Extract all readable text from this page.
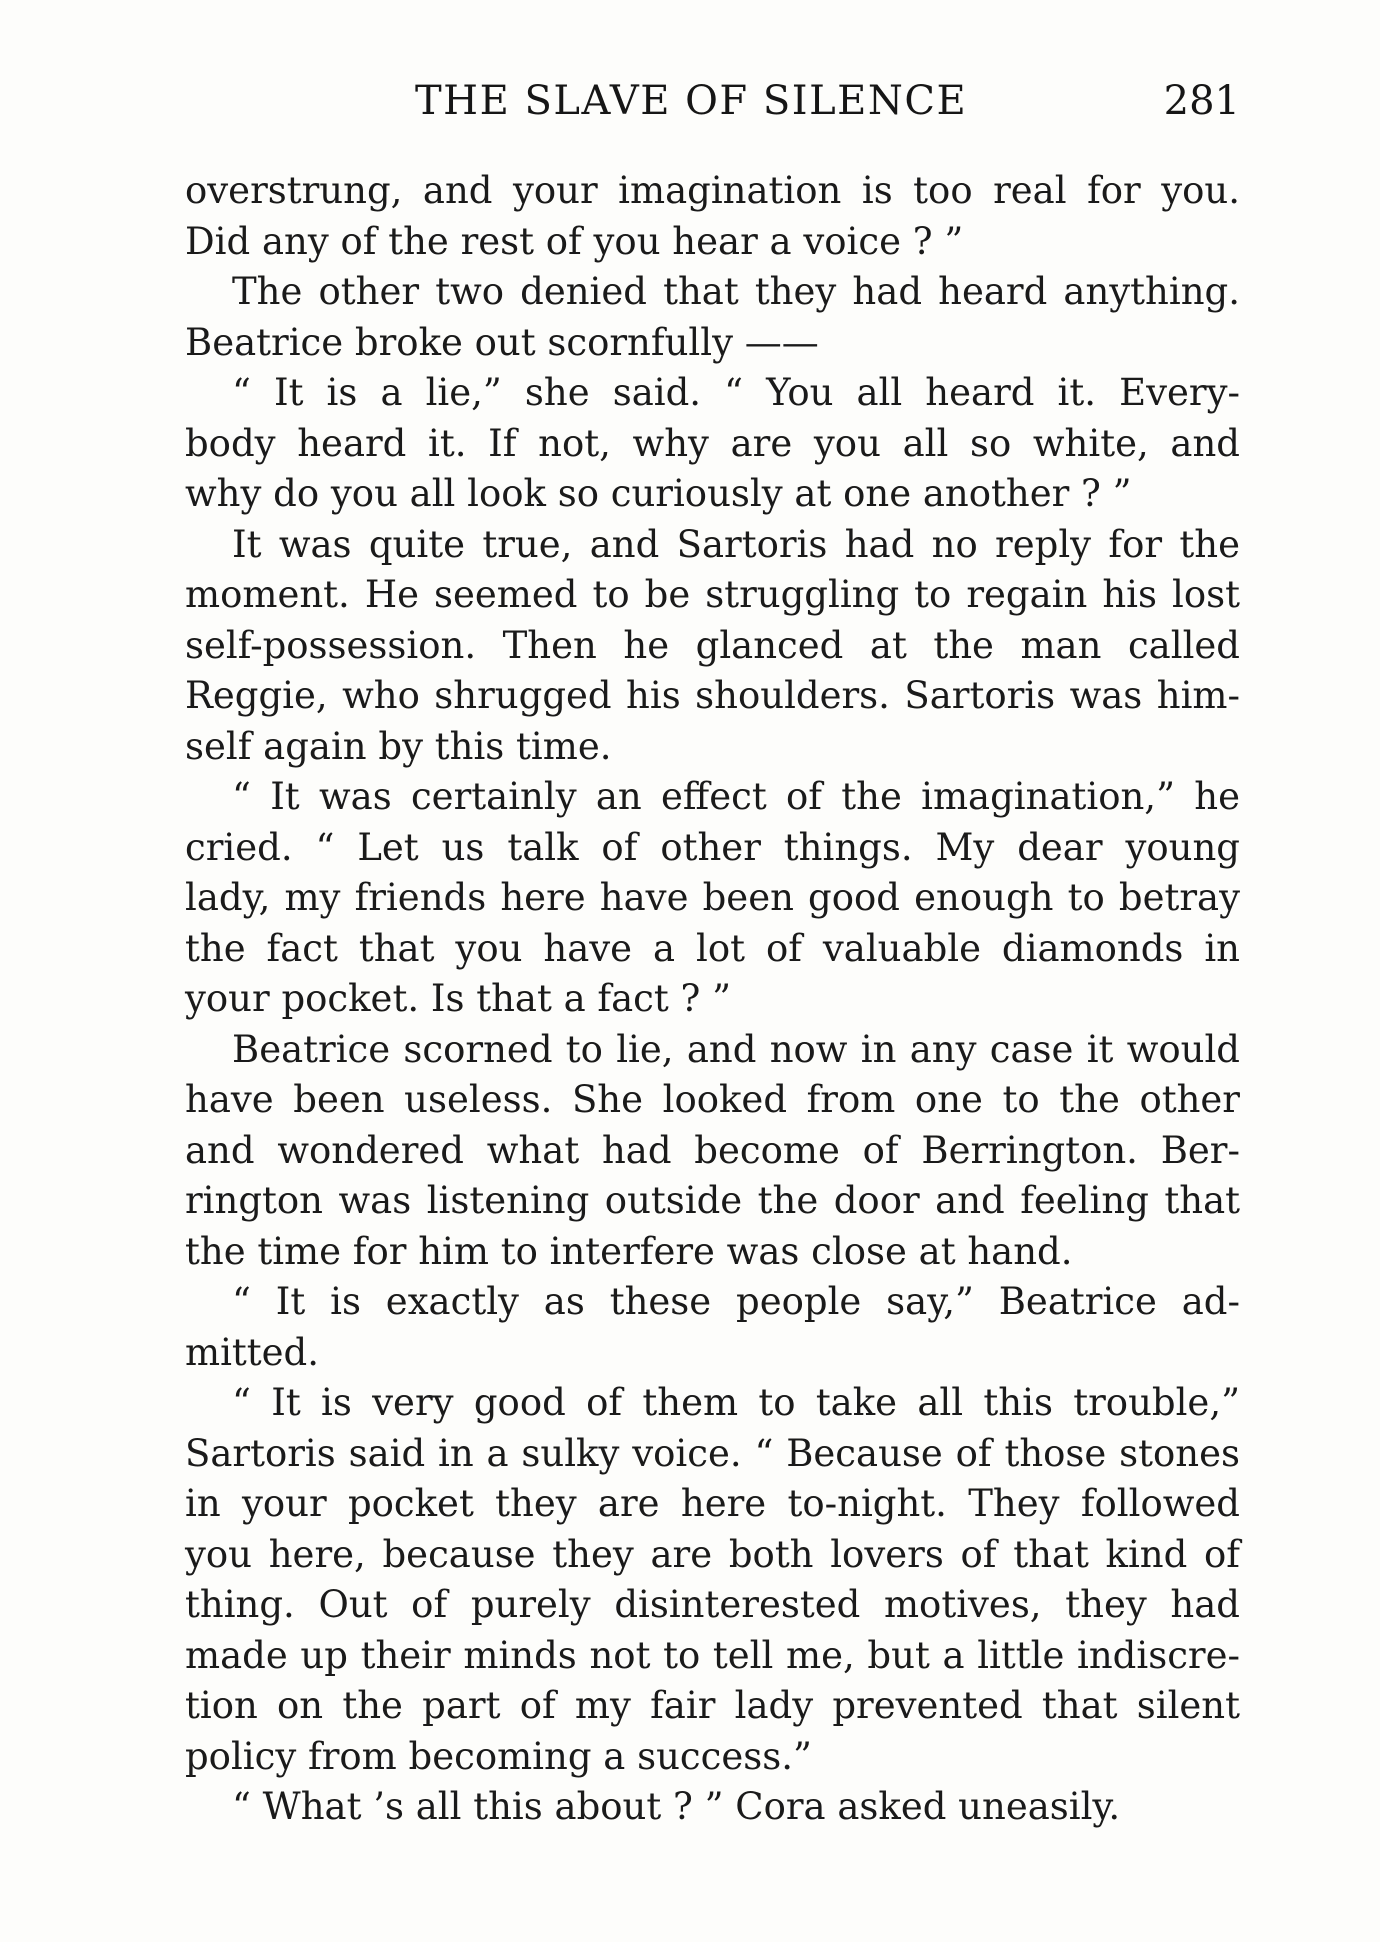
THE SLAVE OF SILENCE	281
overstrung, and your imagination is too real for you.
Did any of the rest of you hear a voice ? ”
The other two denied that they had heard anything.
Beatrice broke out scornfully ——
“ It is a lie,” she said. “ You all heard it. Every-
body heard it. If not, why are you all so white, and
why do you all look so curiously at one another ? ”
It was quite true, and Sartoris had no reply for the
moment. He seemed to be struggling to regain his lost
self-possession. Then he glanced at the man called
Reggie, who shrugged his shoulders. Sartoris was him-
self again by this time.
“ It was certainly an effect of the imagination,” he
cried. “ Let us talk of other things. My dear young
lady, my friends here have been good enough to betray
the fact that you have a lot of valuable diamonds in
your pocket. Is that a fact ? ”
Beatrice scorned to lie, and now in any case it would
have been useless. She looked from one to the other
and wondered what had become of Berrington. Ber-
rington was listening outside the door and feeling that
the time for him to interfere was close at hand.
“ It is exactly as these people say,” Beatrice ad-
mitted.
“ It is very good of them to take all this trouble,”
Sartoris said in a sulky voice. “ Because of those stones
in your pocket they are here to-night. They followed
you here, because they are both lovers of that kind of
thing. Out of purely disinterested motives, they had
made up their minds not to tell me, but a little indiscre-
tion on the part of my fair lady prevented that silent
policy from becoming a success.”
“ What ’s all this about ? ” Cora asked uneasily.
